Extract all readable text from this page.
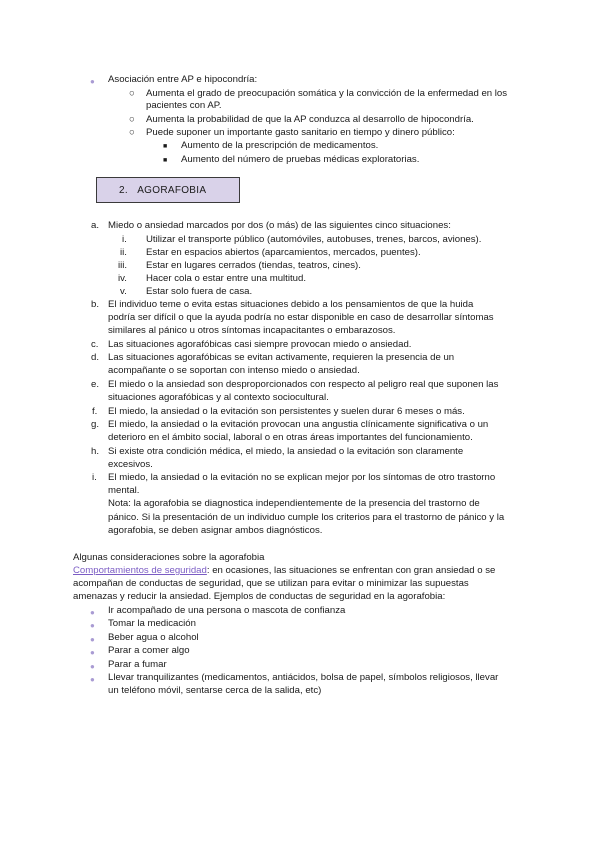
● Asociación entre AP e hipocondría:
○ Aumenta el grado de preocupación somática y la convicción de la enfermedad en los
pacientes con AP.
○ Aumenta la probabilidad de que la AP conduzca al desarrollo de hipocondría.
○ Puede suponer un importante gasto sanitario en tiempo y dinero público:
■ Aumento de la prescripción de medicamentos.
■ Aumento del número de pruebas médicas exploratorias.
2. AGORAFOBIA
a. Miedo o ansiedad marcados por dos (o más) de las siguientes cinco situaciones:
i. Utilizar el transporte público (automóviles, autobuses, trenes, barcos, aviones).
ii. Estar en espacios abiertos (aparcamientos, mercados, puentes).
iii. Estar en lugares cerrados (tiendas, teatros, cines).
iv. Hacer cola o estar entre una multitud.
v. Estar solo fuera de casa.
b. El individuo teme o evita estas situaciones debido a los pensamientos de que la huida
podría ser difícil o que la ayuda podría no estar disponible en caso de desarrollar síntomas
similares al pánico u otros síntomas incapacitantes o embarazosos.
c. Las situaciones agorafóbicas casi siempre provocan miedo o ansiedad.
d. Las situaciones agorafóbicas se evitan activamente, requieren la presencia de un
acompañante o se soportan con intenso miedo o ansiedad.
e. El miedo o la ansiedad son desproporcionados con respecto al peligro real que suponen las
situaciones agorafóbicas y al contexto sociocultural.
f. El miedo, la ansiedad o la evitación son persistentes y suelen durar 6 meses o más.
g. El miedo, la ansiedad o la evitación provocan una angustia clínicamente significativa o un
deterioro en el ámbito social, laboral o en otras áreas importantes del funcionamiento.
h. Si existe otra condición médica, el miedo, la ansiedad o la evitación son claramente
excesivos.
i. El miedo, la ansiedad o la evitación no se explican mejor por los síntomas de otro trastorno
mental.
Nota: la agorafobia se diagnostica independientemente de la presencia del trastorno de
pánico. Si la presentación de un individuo cumple los criterios para el trastorno de pánico y la
agorafobia, se deben asignar ambos diagnósticos.
Algunas consideraciones sobre la agorafobia
Comportamientos de seguridad: en ocasiones, las situaciones se enfrentan con gran ansiedad o se
acompañan de conductas de seguridad, que se utilizan para evitar o minimizar las supuestas
amenazas y reducir la ansiedad. Ejemplos de conductas de seguridad en la agorafobia:
● Ir acompañado de una persona o mascota de confianza
● Tomar la medicación
● Beber agua o alcohol
● Parar a comer algo
● Parar a fumar
● Llevar tranquilizantes (medicamentos, antiácidos, bolsa de papel, símbolos religiosos, llevar
un teléfono móvil, sentarse cerca de la salida, etc)
